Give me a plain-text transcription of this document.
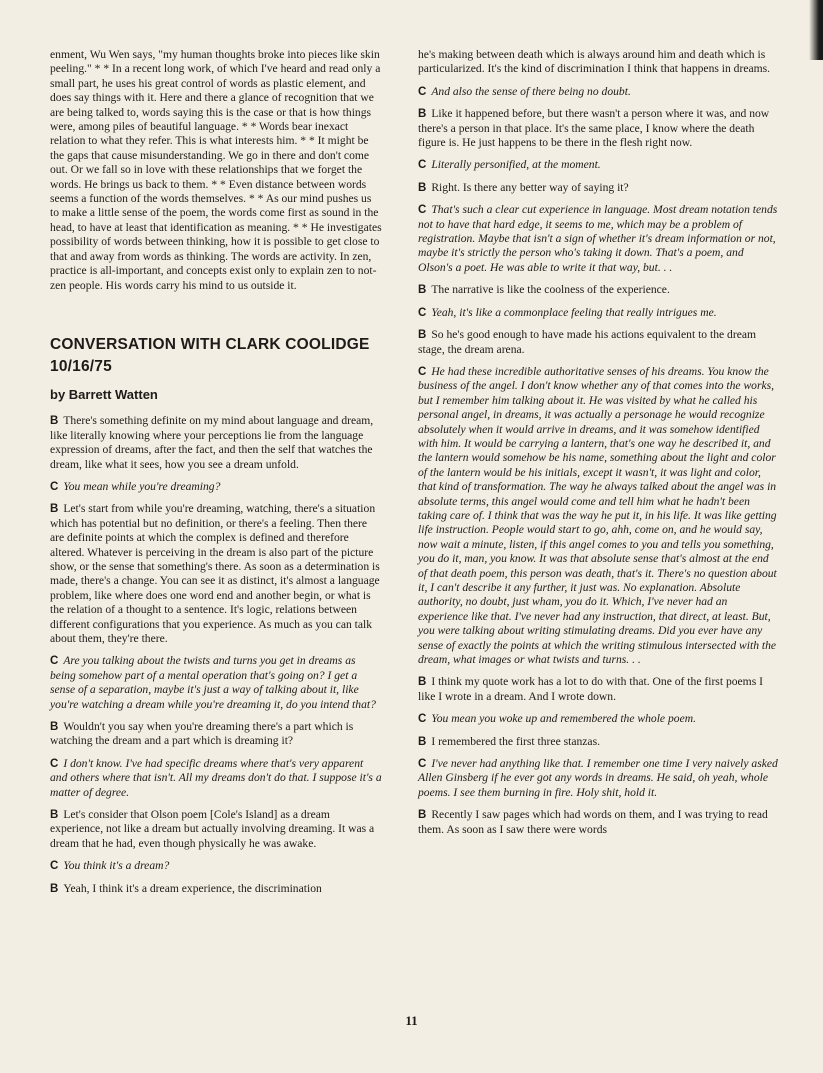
enment, Wu Wen says, "my human thoughts broke into pieces like skin peeling." * * In a recent long work, of which I've heard and read only a small part, he uses his great control of words as plastic element, and does say things with it. Here and there a glance of recognition that we are being talked to, words saying this is the case or that is how things were, among piles of beautiful language. * * Words bear inexact relation to what they refer. This is what interests him. * * It might be the gaps that cause misunderstanding. We go in there and don't come out. Or we fall so in love with these relationships that we forget the words. He brings us back to them. * * Even distance between words seems a function of the words themselves. * * As our mind pushes us to make a little sense of the poem, the words come first as sound in the head, to have at least that identification as meaning. * * He investigates possibility of words between thinking, how it is possible to get close to that and away from words as thinking. The words are activity. In zen, practice is all-important, and concepts exist only to explain zen to not-zen people. His words carry his mind to us outside it.

CONVERSATION WITH CLARK COOLIDGE
10/16/75
by Barrett Watten

B There's something definite on my mind about language and dream, like literally knowing where your perceptions lie from the language expression of dreams, after the fact, and then the self that watches the dream, like what it sees, how you see a dream unfold.

C You mean while you're dreaming?

B Let's start from while you're dreaming, watching, there's a situation which has potential but no definition, or there's a feeling. Then there are definite points at which the complex is defined and therefore altered. Whatever is perceiving in the dream is also part of the picture show, or the sense that something's there. As soon as a determination is made, there's a change. You can see it as distinct, it's almost a language problem, like where does one word end and another begin, or what is the relation of a thought to a sentence. It's logic, relations between different configurations that you experience. As much as you can talk about them, they're there.

C Are you talking about the twists and turns you get in dreams as being somehow part of a mental operation that's going on? I get a sense of a separation, maybe it's just a way of talking about it, like you're watching a dream while you're dreaming it, do you intend that?

B Wouldn't you say when you're dreaming there's a part which is watching the dream and a part which is dreaming it?

C I don't know. I've had specific dreams where that's very apparent and others where that isn't. All my dreams don't do that. I suppose it's a matter of degree.

B Let's consider that Olson poem [Cole's Island] as a dream experience, not like a dream but actually involving dreaming. It was a dream that he had, even though physically he was awake.

C You think it's a dream?

B Yeah, I think it's a dream experience, the discrimination

he's making between death which is always around him and death which is particularized. It's the kind of discrimination I think that happens in dreams.

C And also the sense of there being no doubt.

B Like it happened before, but there wasn't a person where it was, and now there's a person in that place. It's the same place, I know where the death figure is. He just happens to be there in the flesh right now.

C Literally personified, at the moment.

B Right. Is there any better way of saying it?

C That's such a clear cut experience in language. Most dream notation tends not to have that hard edge, it seems to me, which may be a problem of registration. Maybe that isn't a sign of whether it's dream information or not, maybe it's strictly the person who's taking it down. That's a poem, and Olson's a poet. He was able to write it that way, but. . .

B The narrative is like the coolness of the experience.

C Yeah, it's like a commonplace feeling that really intrigues me.

B So he's good enough to have made his actions equivalent to the dream stage, the dream arena.

C He had these incredible authoritative senses of his dreams. You know the business of the angel. I don't know whether any of that comes into the works, but I remember him talking about it. He was visited by what he called his personal angel, in dreams, it was actually a personage he would recognize absolutely when it would arrive in dreams, and it was somehow identified with him. It would be carrying a lantern, that's one way he described it, and the lantern would somehow be his name, something about the light and color of the lantern would be his initials, except it wasn't, it was light and color, that kind of transformation. The way he always talked about the angel was in absolute terms, this angel would come and tell him what he hadn't been taking care of. I think that was the way he put it, in his life. It was like getting life instruction. People would start to go, ahh, come on, and he would say, now wait a minute, listen, if this angel comes to you and tells you something, you do it, man, you know. It was that absolute sense that's almost at the end of that death poem, this person was death, that's it. There's no question about it, I can't describe it any further, it just was. No explanation. Absolute authority, no doubt, just wham, you do it. Which, I've never had an experience like that. I've never had any instruction, that direct, at least. But, you were talking about writing stimulating dreams. Did you ever have any sense of exactly the points at which the writing stimulous intersected with the dream, what images or what twists and turns. . .

B I think my quote work has a lot to do with that. One of the first poems I like I wrote in a dream. And I wrote down.

C You mean you woke up and remembered the whole poem.

B I remembered the first three stanzas.

C I've never had anything like that. I remember one time I very naively asked Allen Ginsberg if he ever got any words in dreams. He said, oh yeah, whole poems. I see them burning in fire. Holy shit, hold it.

B Recently I saw pages which had words on them, and I was trying to read them. As soon as I saw there were words

11
